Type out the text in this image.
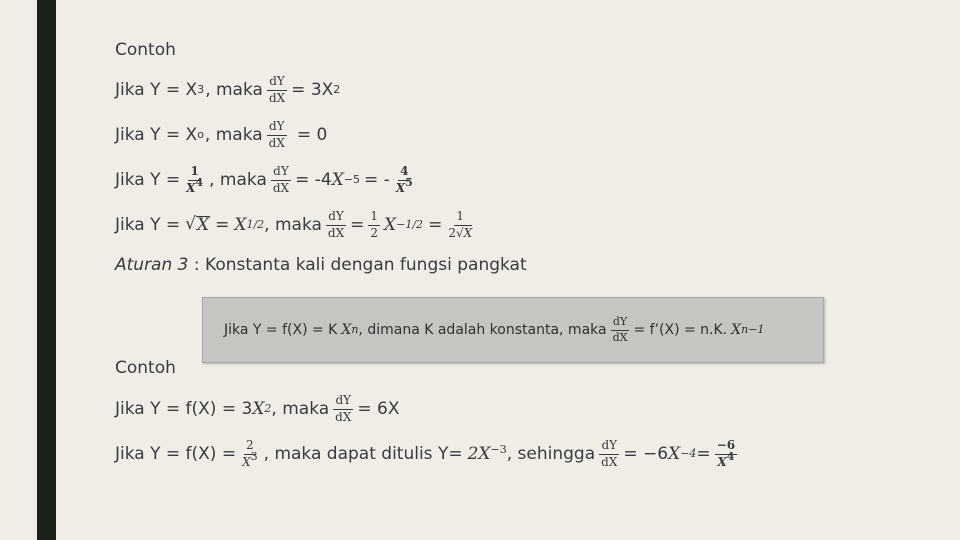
Contoh
Jika Y = X 3 , maka $\frac{dY}{dX} = 3X$ 2
Jika Y = X o , maka $\frac{dY}{dX} = 0$
Jika $Y = \frac{1}{X^4}$ , maka $\frac{dY}{dX} = -4$ X −5 = - $\frac{4}{X^5}$
Jika Y = √ X = X 1/2 , maka $\frac{dY}{dX} = \frac{1}{2}$ $X -1/2 = \frac{1}{2√X}$
Aturan 3 : Konstanta kali dengan fungsi pangkat
Contoh
Jika Y = f(X) = 3 X 2 , maka $\frac{dY}{dX} = 6X$
Jika $Y = f(X) = \frac{2}{X^3}$ , maka dapat ditulis $Y= 2X^{-3}$ , sehingga $\frac{dY}{dX} = -6$ $X -4 = \frac{-6}{X^4}$
Jika Y = f(X) = K X n , dimana K adalah konstanta, maka $\frac{dY}{dX}$ = f’(X) = n.K. X n−1
